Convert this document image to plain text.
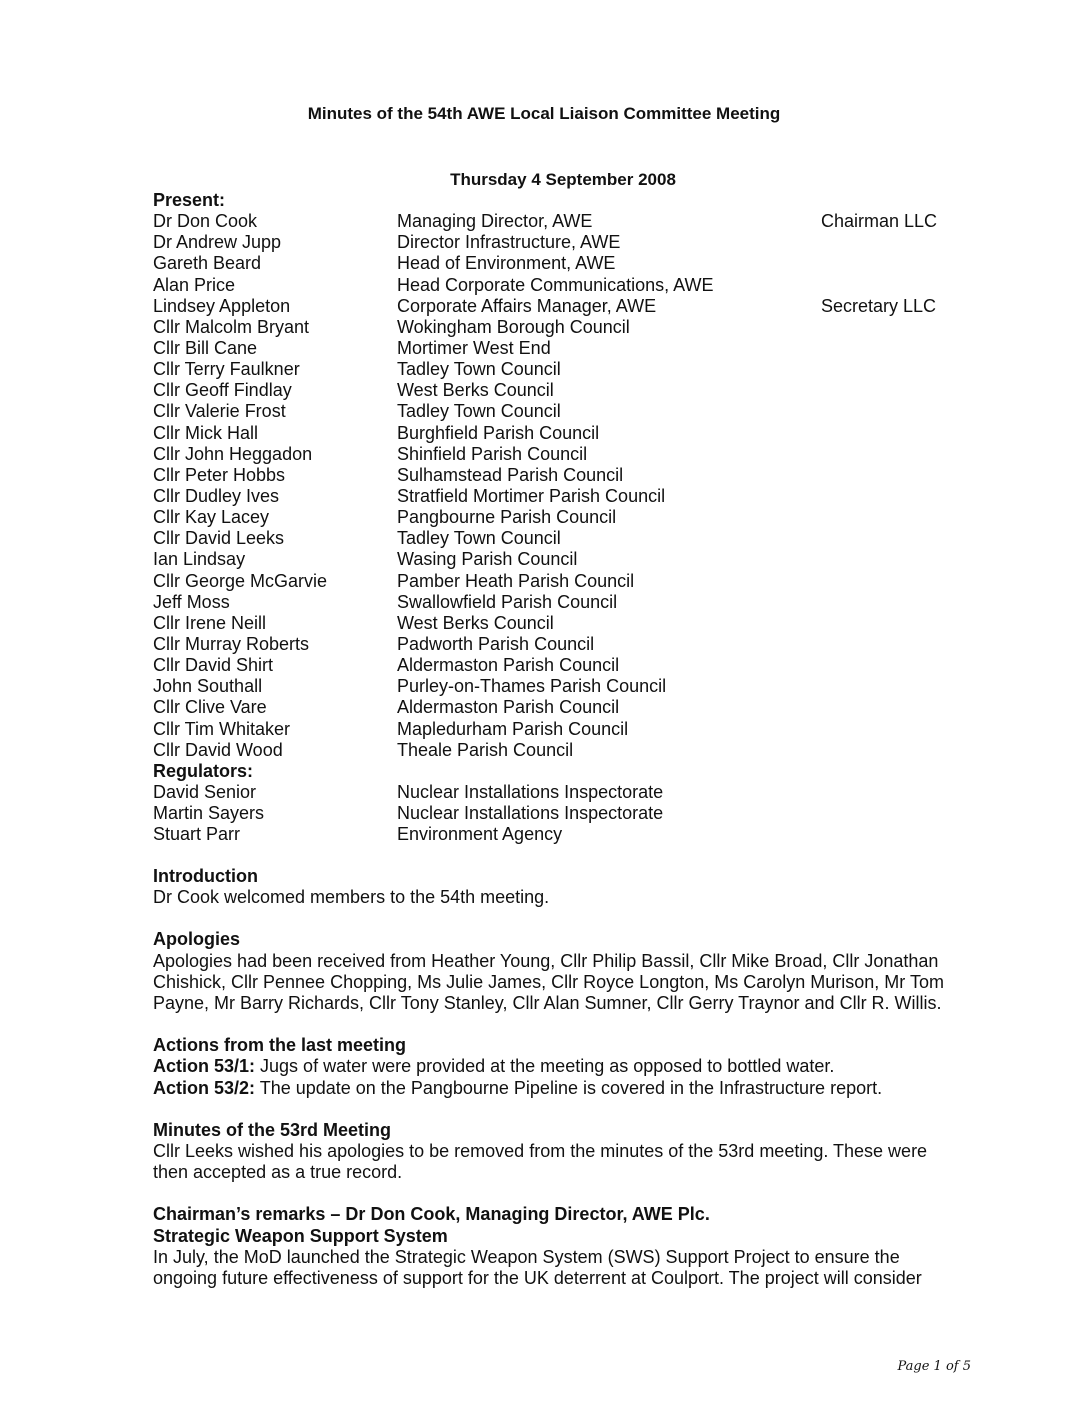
Minutes of the 54th AWE Local Liaison Committee Meeting
Thursday 4 September 2008
Present:
Dr Don Cook	Managing Director, AWE	Chairman LLC
Dr Andrew Jupp	Director Infrastructure, AWE
Gareth Beard	Head of Environment, AWE
Alan Price	Head Corporate Communications, AWE
Lindsey Appleton	Corporate Affairs Manager, AWE	Secretary LLC
Cllr Malcolm Bryant	Wokingham Borough Council
Cllr Bill Cane	Mortimer West End
Cllr Terry Faulkner	Tadley Town Council
Cllr Geoff Findlay	West Berks Council
Cllr Valerie Frost	Tadley Town Council
Cllr Mick Hall	Burghfield Parish Council
Cllr John Heggadon	Shinfield Parish Council
Cllr Peter Hobbs	Sulhamstead Parish Council
Cllr Dudley Ives	Stratfield Mortimer Parish Council
Cllr Kay Lacey	Pangbourne Parish Council
Cllr David Leeks	Tadley Town Council
Ian Lindsay	Wasing Parish Council
Cllr George McGarvie	Pamber Heath Parish Council
Jeff Moss	Swallowfield Parish Council
Cllr Irene Neill	West Berks Council
Cllr Murray Roberts	Padworth Parish Council
Cllr David Shirt	Aldermaston Parish Council
John Southall	Purley-on-Thames Parish Council
Cllr Clive Vare	Aldermaston Parish Council
Cllr Tim Whitaker	Mapledurham Parish Council
Cllr David Wood	Theale Parish Council
Regulators:
David Senior	Nuclear Installations Inspectorate
Martin Sayers	Nuclear Installations Inspectorate
Stuart Parr	Environment Agency

Introduction

Dr Cook welcomed members to the 54th meeting.

Apologies

Apologies had been received from Heather Young, Cllr Philip Bassil, Cllr Mike Broad, Cllr Jonathan

Chishick, Cllr Pennee Chopping, Ms Julie James, Cllr Royce Longton, Ms Carolyn Murison, Mr Tom

Payne, Mr Barry Richards, Cllr Tony Stanley, Cllr Alan Sumner, Cllr Gerry Traynor and Cllr R. Willis.

Actions from the last meeting

Action 53/1: Jugs of water were provided at the meeting as opposed to bottled water.

Action 53/2: The update on the Pangbourne Pipeline is covered in the Infrastructure report.

Minutes of the 53rd Meeting

Cllr Leeks wished his apologies to be removed from the minutes of the 53rd meeting. These were

then accepted as a true record.

Chairman’s remarks – Dr Don Cook, Managing Director, AWE Plc.

Strategic Weapon Support System

In July, the MoD launched the Strategic Weapon System (SWS) Support Project to ensure the

ongoing future effectiveness of support for the UK deterrent at Coulport. The project will consider

Page 1 of 5
